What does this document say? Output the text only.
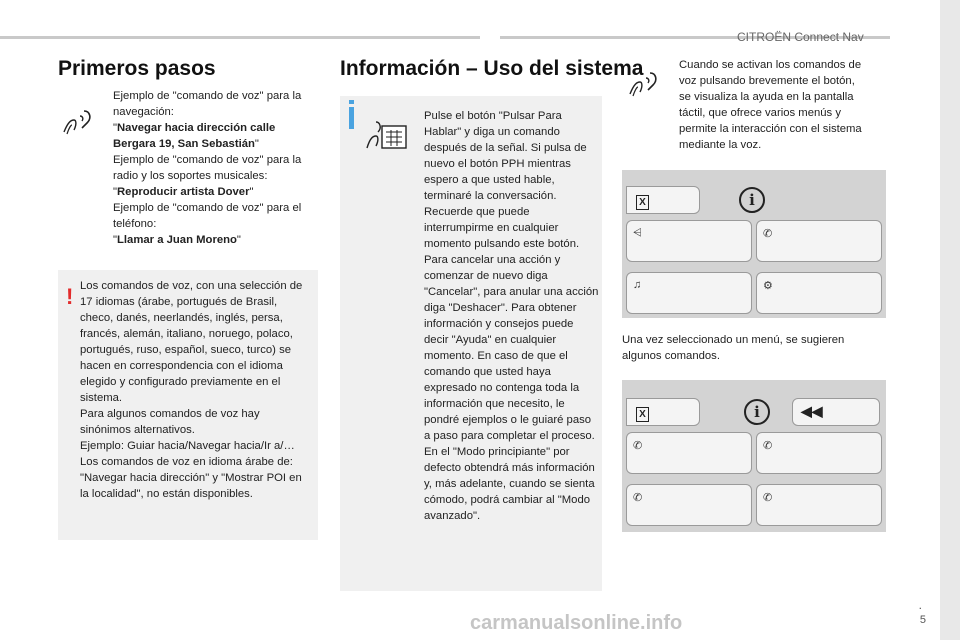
CITROËN Connect Nav
Primeros pasos

Ejemplo de "comando de voz" para la navegación:

"Navegar hacia dirección calle Bergara 19, San Sebastián"

Ejemplo de "comando de voz" para la radio y los soportes musicales:

"Reproducir artista Dover"

Ejemplo de "comando de voz" para el teléfono:

"Llamar a Juan Moreno"

! Los comandos de voz, con una selección de 17 idiomas (árabe, portugués de Brasil, checo, danés, neerlandés, inglés, persa, francés, alemán, italiano, noruego, polaco, portugués, ruso, español, sueco, turco) se hacen en correspondencia con el idioma elegido y configurado previamente en el sistema.

Para algunos comandos de voz hay sinónimos alternativos.

Ejemplo: Guiar hacia/Navegar hacia/Ir a/…

Los comandos de voz en idioma árabe de: "Navegar hacia dirección" y "Mostrar POI en la localidad", no están disponibles.

Información – Uso del sistema
Pulse el botón "Pulsar Para Hablar" y diga un comando después de la señal. Si pulsa de nuevo el botón PPH mientras espero a que usted hable, terminaré la conversación. Recuerde que puede interrumpirme en cualquier momento pulsando este botón. Para cancelar una acción y comenzar de nuevo diga "Cancelar", para anular una acción diga "Deshacer". Para obtener información y consejos puede decir "Ayuda" en cualquier momento. En caso de que el comando que usted haya expresado no contenga toda la información que necesito, le pondré ejemplos o le guiaré paso a paso para completar el proceso. En el "Modo principiante" por defecto obtendrá más información y, más adelante, cuando se sienta cómodo, podrá cambiar al "Modo avanzado".
Cuando se activan los comandos de voz pulsando brevemente el botón, se visualiza la ayuda en la pantalla táctil, que ofrece varios menús y permite la interacción con el sistema mediante la voz.
X	i
⩤	✆
♫	⚙
Una vez seleccionado un menú, se sugieren algunos comandos.
X	i	◀◀
✆	✆
✆	✆
.
5
carmanualsonline.info
